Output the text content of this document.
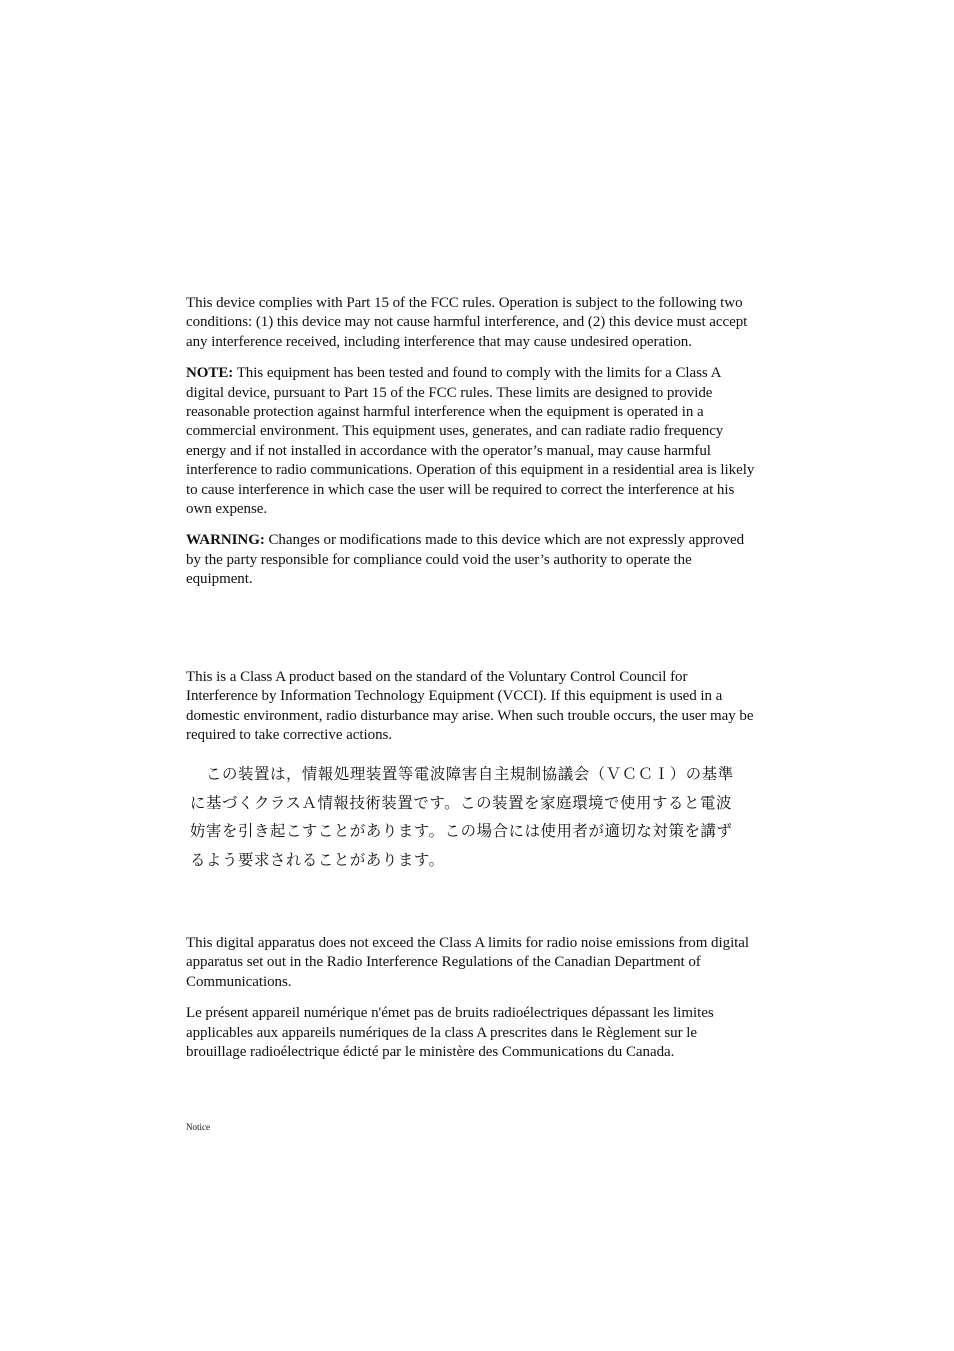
This device complies with Part 15 of the FCC rules. Operation is subject to the following two conditions: (1) this device may not cause harmful interference, and (2) this device must accept any interference received, including interference that may cause undesired operation.

NOTE: This equipment has been tested and found to comply with the limits for a Class A digital device, pursuant to Part 15 of the FCC rules. These limits are designed to provide reasonable protection against harmful interference when the equipment is operated in a commercial environment. This equipment uses, generates, and can radiate radio frequency energy and if not installed in accordance with the operator’s manual, may cause harmful interference to radio communications. Operation of this equipment in a residential area is likely to cause interference in which case the user will be required to correct the interference at his own expense.

WARNING: Changes or modifications made to this device which are not expressly approved by the party responsible for compliance could void the user’s authority to operate the equipment.

This is a Class A product based on the standard of the Voluntary Control Council for Interference by Information Technology Equipment (VCCI). If this equipment is used in a domestic environment, radio disturbance may arise. When such trouble occurs, the user may be required to take corrective actions.

　この装置は，情報処理装置等電波障害自主規制協議会（ＶＣＣＩ）の基準
に基づくクラスＡ情報技術装置です。この装置を家庭環境で使用すると電波
妨害を引き起こすことがあります。この場合には使用者が適切な対策を講ず
るよう要求されることがあります。

This digital apparatus does not exceed the Class A limits for radio noise emissions from digital apparatus set out in the Radio Interference Regulations of the Canadian Department of Communications.

Le présent appareil numérique n'émet pas de bruits radioélectriques dépassant les limites applicables aux appareils numériques de la class A prescrites dans le Règlement sur le brouillage radioélectrique édicté par le ministère des Communications du Canada.

Notice
